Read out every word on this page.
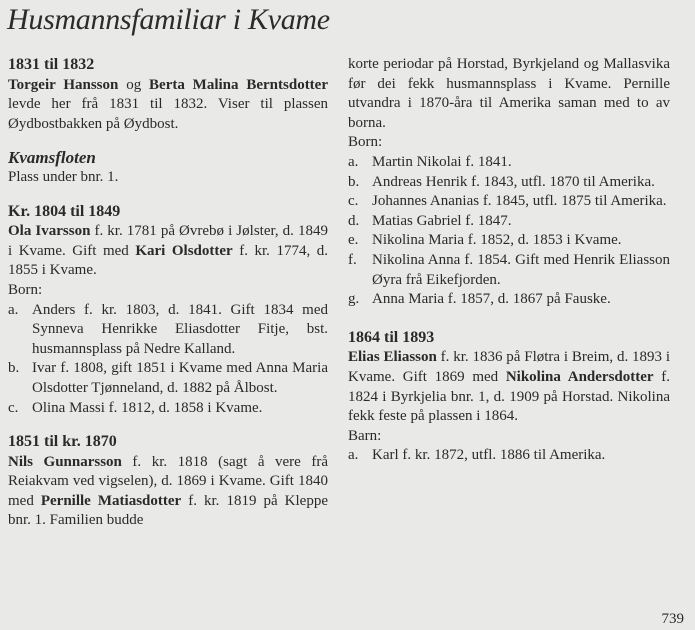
Husmannsfamiliar i Kvame

1831 til 1832

Torgeir Hansson og Berta Malina Berntsdotter levde her frå 1831 til 1832. Viser til plassen Øydbostbakken på Øydbost.

Kvamsfloten

Plass under bnr. 1.

Kr. 1804 til 1849

Ola Ivarsson f. kr. 1781 på Øvrebø i Jølster, d. 1849 i Kvame. Gift med Kari Olsdotter f. kr. 1774, d. 1855 i Kvame.

Born:

a. Anders f. kr. 1803, d. 1841. Gift 1834 med Synneva Henrikke Eliasdotter Fitje, bst. husmannsplass på Nedre Kalland.
b. Ivar f. 1808, gift 1851 i Kvame med Anna Maria Olsdotter Tjønneland, d. 1882 på Ålbost.
c. Olina Massi f. 1812, d. 1858 i Kvame.

1851 til kr. 1870

Nils Gunnarsson f. kr. 1818 (sagt å vere frå Reiakvam ved vigselen), d. 1869 i Kvame. Gift 1840 med Pernille Matiasdotter f. kr. 1819 på Kleppe bnr. 1. Familien budde

korte periodar på Horstad, Byrkjeland og Mallasvika før dei fekk husmannsplass i Kvame. Pernille utvandra i 1870-åra til Amerika saman med to av borna.

Born:

a. Martin Nikolai f. 1841.
b. Andreas Henrik f. 1843, utfl. 1870 til Amerika.
c. Johannes Ananias f. 1845, utfl. 1875 til Amerika.
d. Matias Gabriel f. 1847.
e. Nikolina Maria f. 1852, d. 1853 i Kvame.
f. Nikolina Anna f. 1854. Gift med Henrik Eliasson Øyra frå Eikefjorden.
g. Anna Maria f. 1857, d. 1867 på Fauske.

1864 til 1893

Elias Eliasson f. kr. 1836 på Fløtra i Breim, d. 1893 i Kvame. Gift 1869 med Nikolina Andersdotter f. 1824 i Byrkjelia bnr. 1, d. 1909 på Horstad. Nikolina fekk feste på plassen i 1864.

Barn:

a. Karl f. kr. 1872, utfl. 1886 til Amerika.
739
